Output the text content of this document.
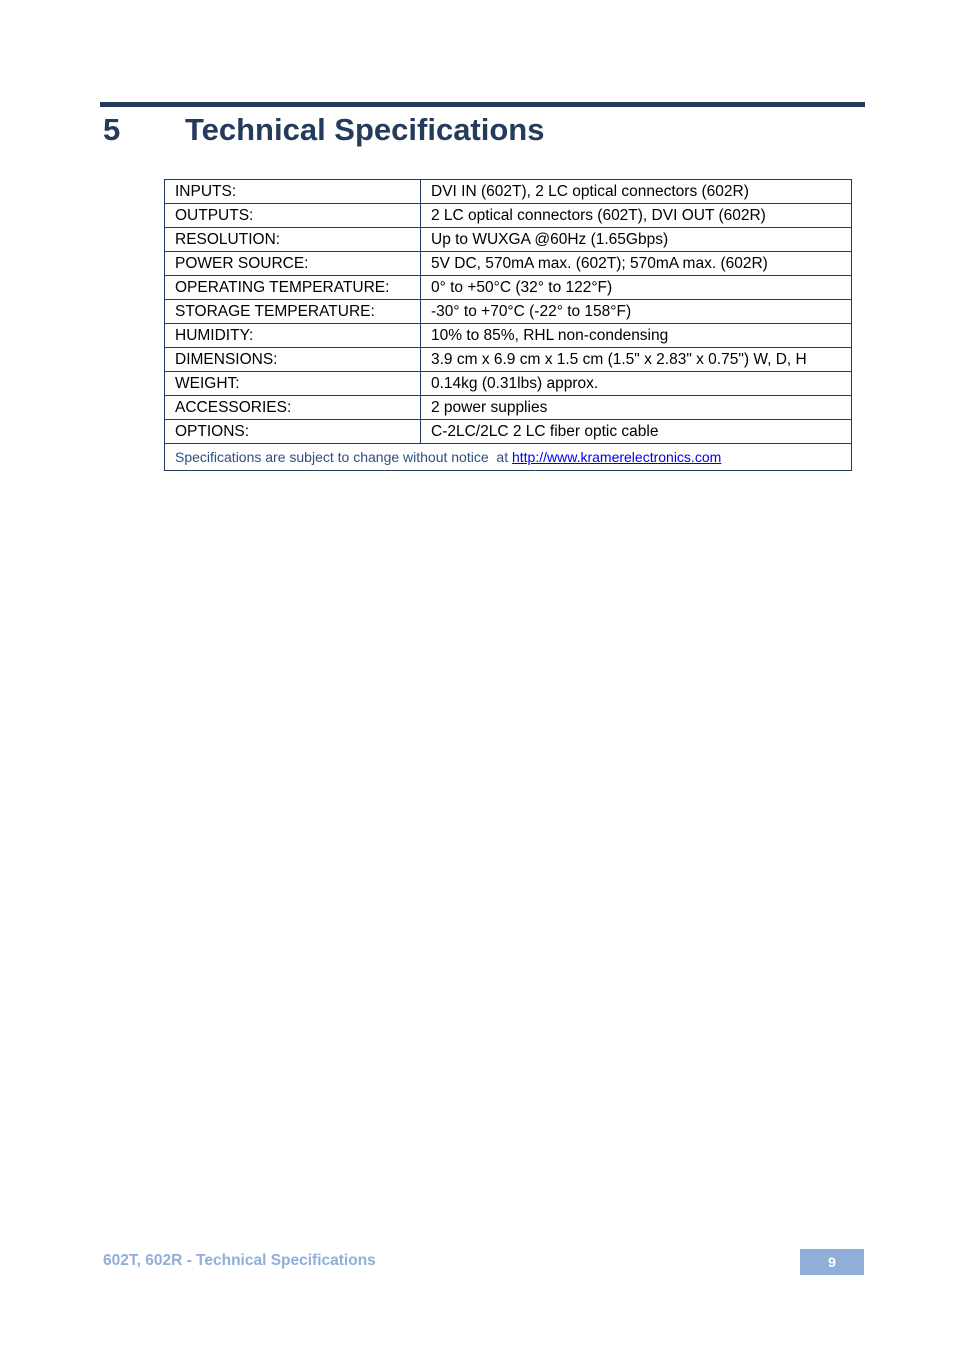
5	Technical Specifications
INPUTS:	DVI IN (602T), 2 LC optical connectors (602R)
OUTPUTS:	2 LC optical connectors (602T), DVI OUT (602R)
RESOLUTION:	Up to WUXGA @60Hz (1.65Gbps)
POWER SOURCE:	5V DC, 570mA max. (602T); 570mA max. (602R)
OPERATING TEMPERATURE:	0° to +50°C (32° to 122°F)
STORAGE TEMPERATURE:	-30° to +70°C (-22° to 158°F)
HUMIDITY:	10% to 85%, RHL non-condensing
DIMENSIONS:	3.9 cm x 6.9 cm x 1.5 cm (1.5" x 2.83" x 0.75") W, D, H
WEIGHT:	0.14kg (0.31lbs) approx.
ACCESSORIES:	2 power supplies
OPTIONS:	C-2LC/2LC 2 LC fiber optic cable
Specifications are subject to change without notice  at http://www.kramerelectronics.com	
602T, 602R - Technical Specifications	9
